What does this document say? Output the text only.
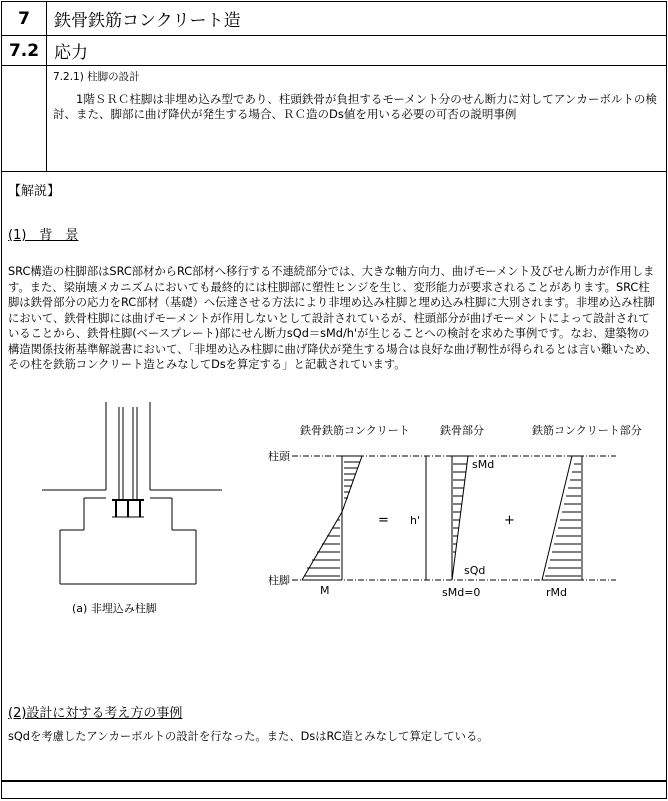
7	鉄骨鉄筋コンクリート造
7.2 応力
7.2.1) 柱脚の設計
1階ＳＲＣ柱脚は非埋め込み型であり、柱頭鉄骨が負担するモーメント分のせん断力に対してアンカーボルトの検討、また、脚部に曲げ降伏が発生する場合、ＲＣ造のDs値を用いる必要の可否の説明事例
【解説】
(1)　背　景
SRC構造の柱脚部はSRC部材からRC部材へ移行する不連続部分では、大きな軸方向力、曲げモーメント及びせん断力が作用します。また、梁崩壊メカニズムにおいても最終的には柱脚部に塑性ヒンジを生じ、変形能力が要求されることがあります。SRC柱脚は鉄骨部分の応力をRC部材（基礎）へ伝達させる方法により非埋め込み柱脚と埋め込み柱脚に大別されます。非埋め込み柱脚において、鉄骨柱脚には曲げモーメントが作用しないとして設計されているが、柱頭部分が曲げモーメントによって設計されていることから、鉄骨柱脚(ベースプレート)部にせん断力sQd＝sMd/h'が生じることへの検討を求めた事例です。なお、建築物の構造関係技術基準解説書において、「非埋め込み柱脚に曲げ降伏が発生する場合は良好な曲げ靭性が得られるとは言い難いため、その柱を鉄筋コンクリート造とみなしてDsを算定する」と記載されています。
(a) 非埋込み柱脚
鉄骨鉄筋コンクリート	鉄骨部分	鉄筋コンクリート部分
柱頭
柱脚
M
= h'
sMd
sQd
sMd=0
+
rMd
(2)設計に対する考え方の事例
sQdを考慮したアンカーボルトの設計を行なった。また、DsはRC造とみなして算定している。
